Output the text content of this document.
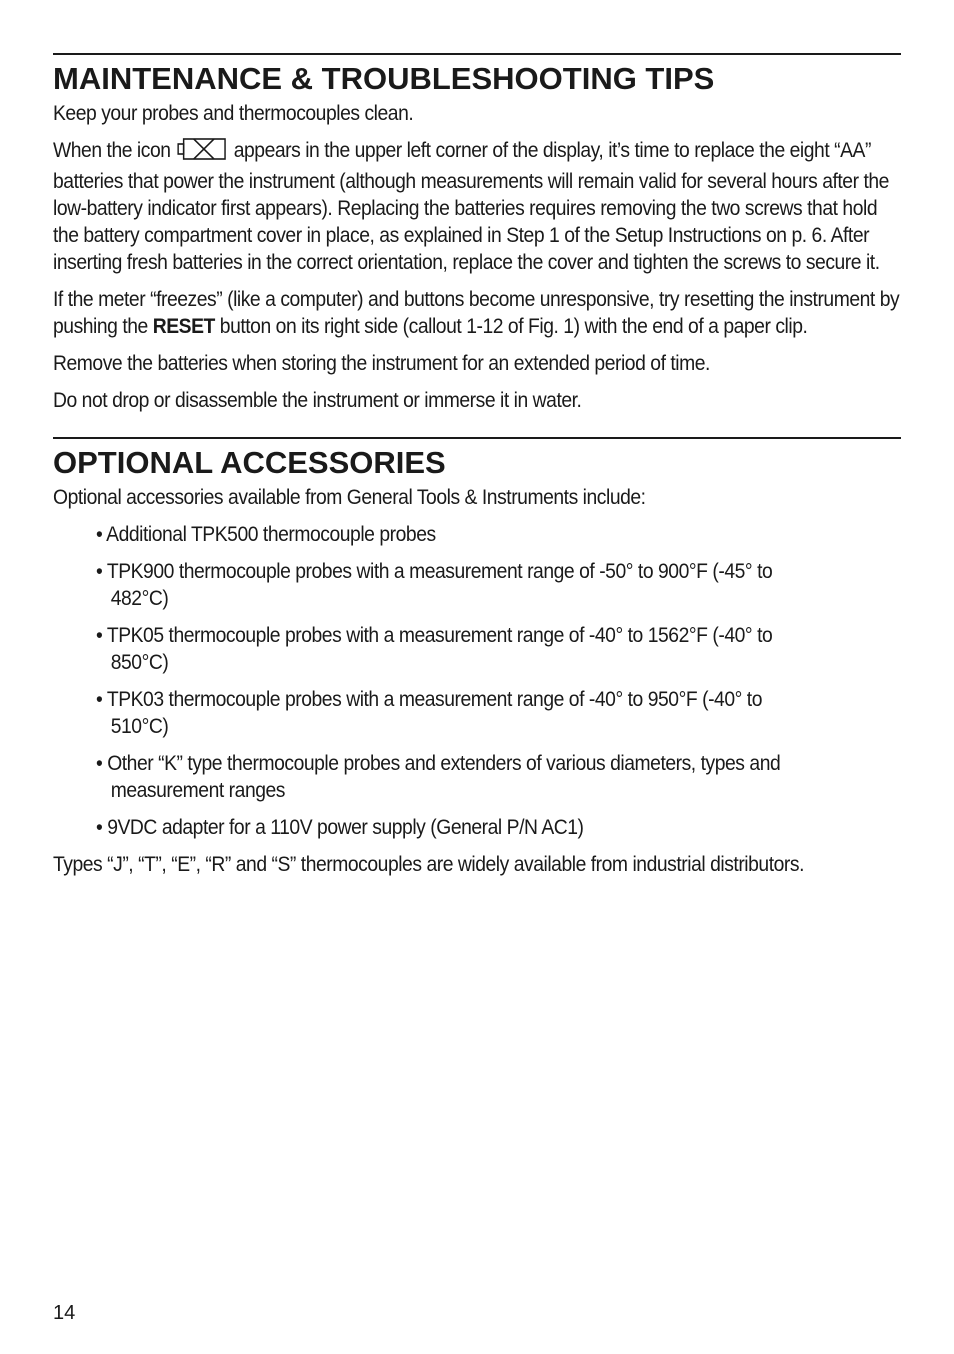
MAINTENANCE & TROUBLESHOOTING TIPS

Keep your probes and thermocouples clean.

When the icon	appears in the upper left corner of the display, it’s time to replace the eight “AA” batteries that power the instrument (although measurements will remain valid for several hours after the low-battery indicator first appears). Replacing the batteries requires removing the two screws that hold the battery compartment cover in place, as explained in Step 1 of the Setup Instructions on p. 6. After inserting fresh batteries in the correct orientation, replace the cover and tighten the screws to secure it.

If the meter “freezes” (like a computer) and buttons become unresponsive, try resetting the instrument by pushing the RESET button on its right side (callout 1-12 of Fig. 1) with the end of a paper clip.

Remove the batteries when storing the instrument for an extended period of time.

Do not drop or disassemble the instrument or immerse it in water.

OPTIONAL ACCESSORIES

Optional accessories available from General Tools & Instruments include:

• Additional TPK500 thermocouple probes

• TPK900 thermocouple probes with a measurement range of -50° to 900°F (-45° to 482°C)

• TPK05 thermocouple probes with a measurement range of -40° to 1562°F (-40° to 850°C)

• TPK03 thermocouple probes with a measurement range of -40° to 950°F (-40° to 510°C)

• Other “K” type thermocouple probes and extenders of various diameters, types and measurement ranges

• 9VDC adapter for a 110V power supply (General P/N AC1)

Types “J”, “T”, “E”, “R” and “S” thermocouples are widely available from industrial distributors.

14
